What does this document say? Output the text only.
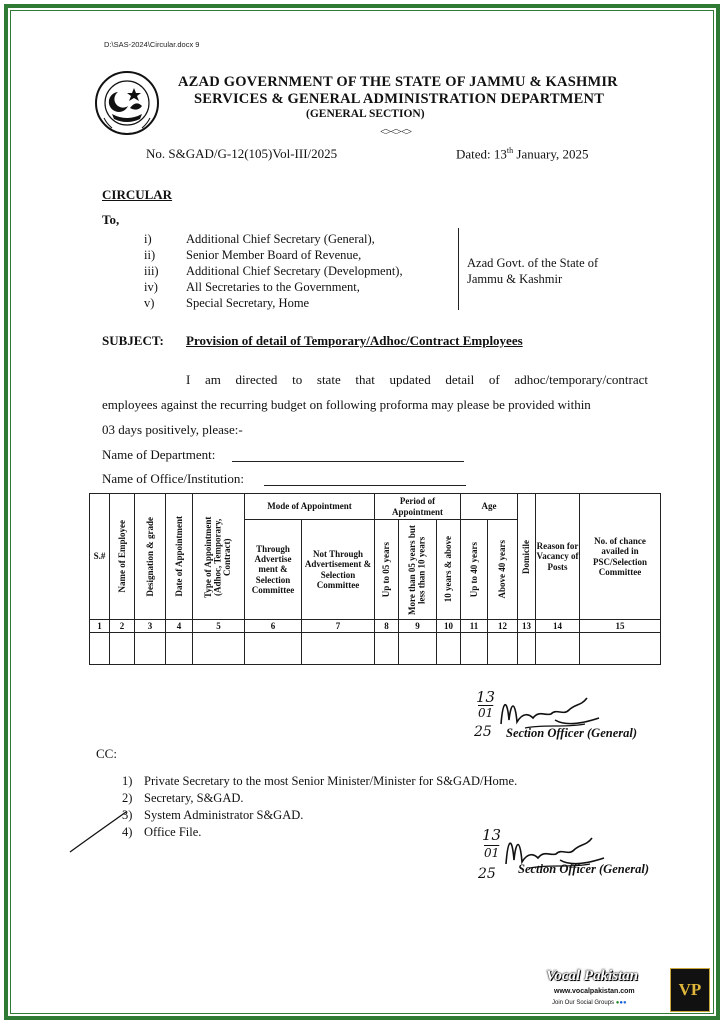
D:\SAS-2024\Circular.docx 9
AZAD GOVERNMENT OF THE STATE OF JAMMU & KASHMIR
SERVICES & GENERAL ADMINISTRATION DEPARTMENT
(GENERAL SECTION)
<><><>
No. S&GAD/G-12(105)Vol-III/2025	Dated: 13th January, 2025
CIRCULAR
To,
i)	Additional Chief Secretary (General),
ii) Senior Member Board of Revenue,
iii) Additional Chief Secretary (Development),
iv) All Secretaries to the Government,
v)	Special Secretary, Home
Azad Govt. of the State of
Jammu & Kashmir
SUBJECT: Provision of detail of Temporary/Adhoc/Contract Employees
I am directed to state that updated detail of adhoc/temporary/contract
employees against the recurring budget on following proforma may please be provided within
03 days positively, please:-
Name of Department:
Name of Office/Institution:
S.#	Name of Employee	Designation & grade	Date of Appointment	Type of Appointment (Adhoc, Temporary, Contract)	Mode of Appointment		Period of Appointment			Age		Domicile	Reason for Vacancy of Posts	No. of chance availed in PSC/Selection Committee
					Through Advertise ment & Selection Committee	Not Through Advertisement & Selection Committee	Up to 05 years	More than 05 years but less than 10 years	10 years & above	Up to 40 years	Above 40 years			

1	2	3	4	5	6	7	8	9	10	11	12	13	14	15

13
01
25 Section Officer (General)
CC:
1) Private Secretary to the most Senior Minister/Minister for S&GAD/Home.
2) Secretary, S&GAD.
3) System Administrator S&GAD.
4) Office File.	13
01
25 Section Officer (General)
Vocal Pakistan
www.vocalpakistan.com
Join Our Social Groups ●●●
VP
